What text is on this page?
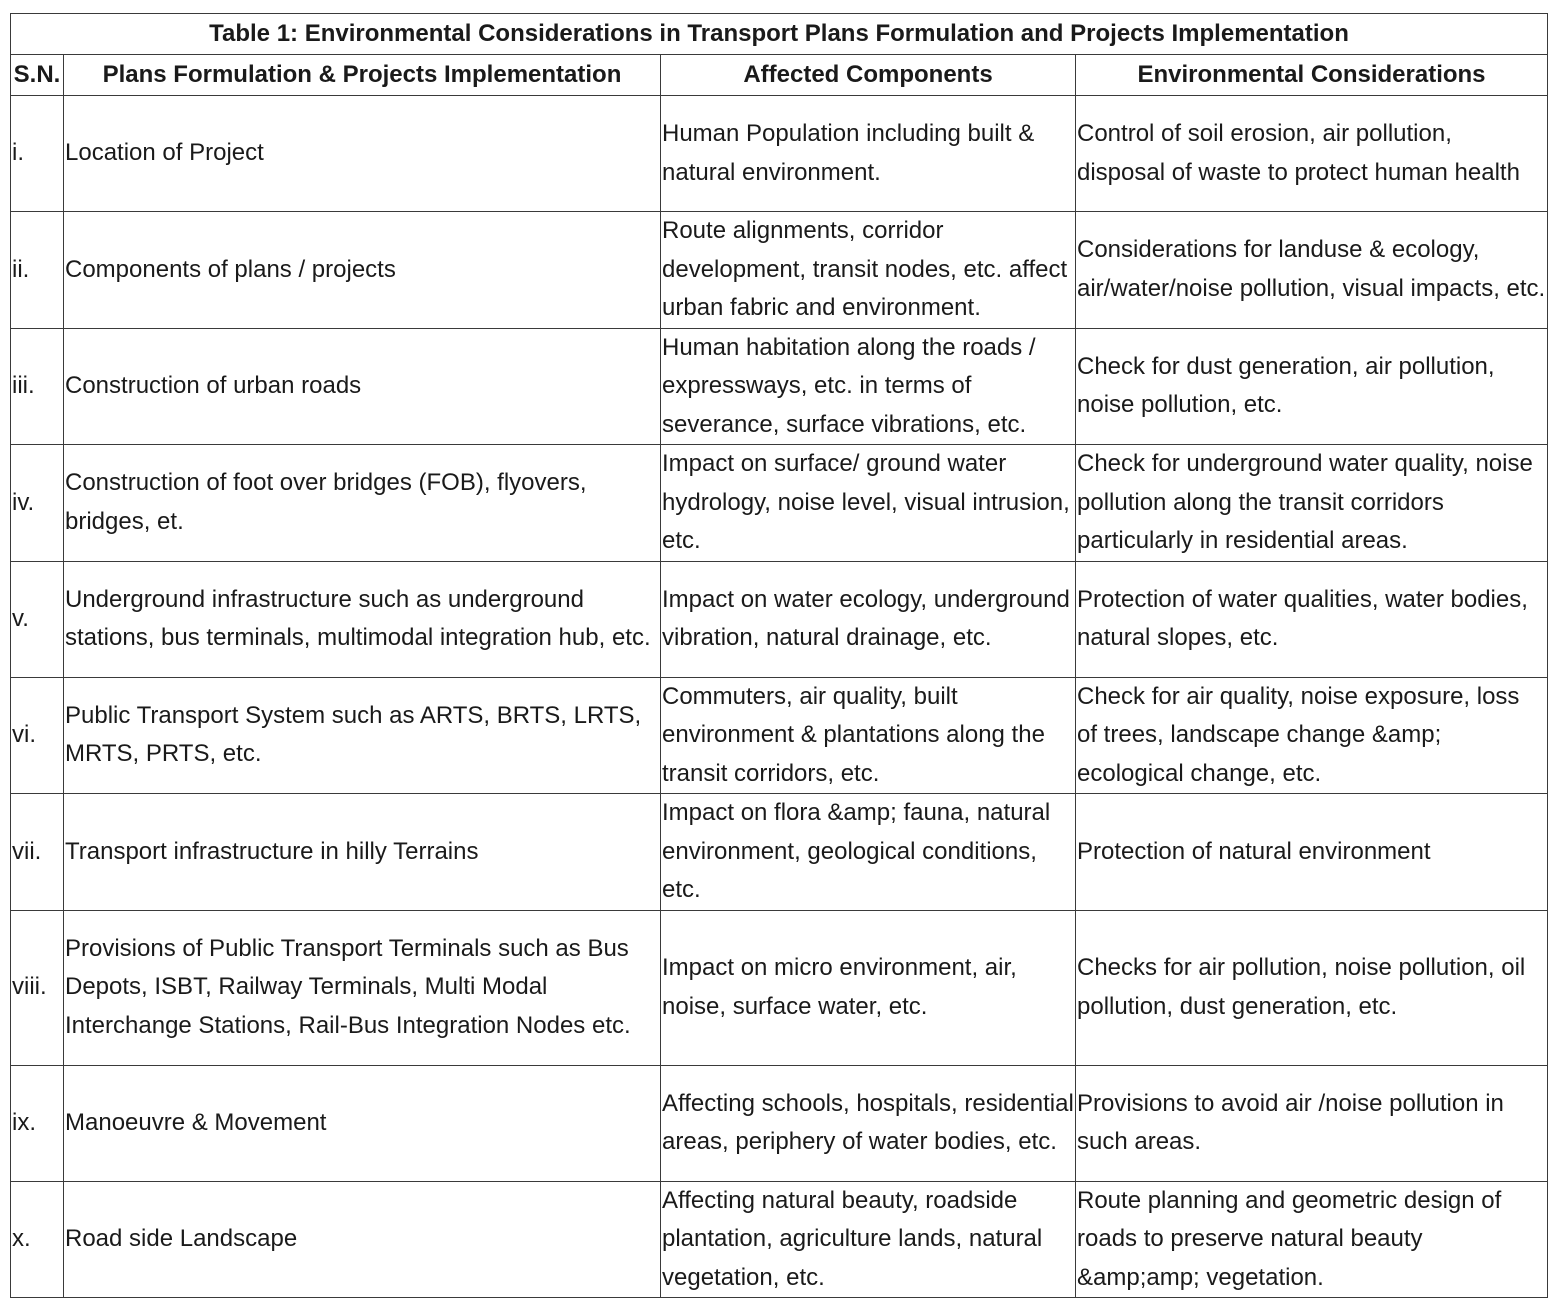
Table 1: Environmental Considerations in Transport Plans Formulation and Projects Implementation			
S.N.	Plans Formulation & Projects Implementation	Affected Components	Environmental Considerations
i.	Location of Project	Human Population including built & natural environment.	Control of soil erosion, air pollution, disposal of waste to protect human health
ii.	Components of plans / projects	Route alignments, corridor development, transit nodes, etc. affect urban fabric and environment.	Considerations for landuse & ecology, air/water/noise pollution, visual impacts, etc.
iii.	Construction of urban roads	Human habitation along the roads / expressways, etc. in terms of severance, surface vibrations, etc.	Check for dust generation, air pollution, noise pollution, etc.
iv.	Construction of foot over bridges (FOB), flyovers, bridges, et.	Impact on surface/ ground water hydrology, noise level, visual intrusion, etc.	Check for underground water quality, noise pollution along the transit corridors particularly in residential areas.
v.	Underground infrastructure such as underground stations, bus terminals, multimodal integration hub, etc.	Impact on water ecology, underground vibration, natural drainage, etc.	Protection of water qualities, water bodies, natural slopes, etc.
vi.	Public Transport System such as ARTS, BRTS, LRTS, MRTS, PRTS, etc.	Commuters, air quality, built environment & plantations along the transit corridors, etc.	Check for air quality, noise exposure, loss of trees, landscape change &amp; ecological change, etc.
vii.	Transport infrastructure in hilly Terrains	Impact on flora &amp; fauna, natural environment, geological conditions, etc.	Protection of natural environment
viii.	Provisions of Public Transport Terminals such as Bus Depots, ISBT, Railway Terminals, Multi Modal Interchange Stations, Rail-Bus Integration Nodes etc.	Impact on micro environment, air, noise, surface water, etc.	Checks for air pollution, noise pollution, oil pollution, dust generation, etc.
ix.	Manoeuvre & Movement	Affecting schools, hospitals, residential areas, periphery of water bodies, etc.	Provisions to avoid air /noise pollution in such areas.
x.	Road side Landscape	Affecting natural beauty, roadside plantation, agriculture lands, natural vegetation, etc.	Route planning and geometric design of roads to preserve natural beauty &amp;amp; vegetation.
